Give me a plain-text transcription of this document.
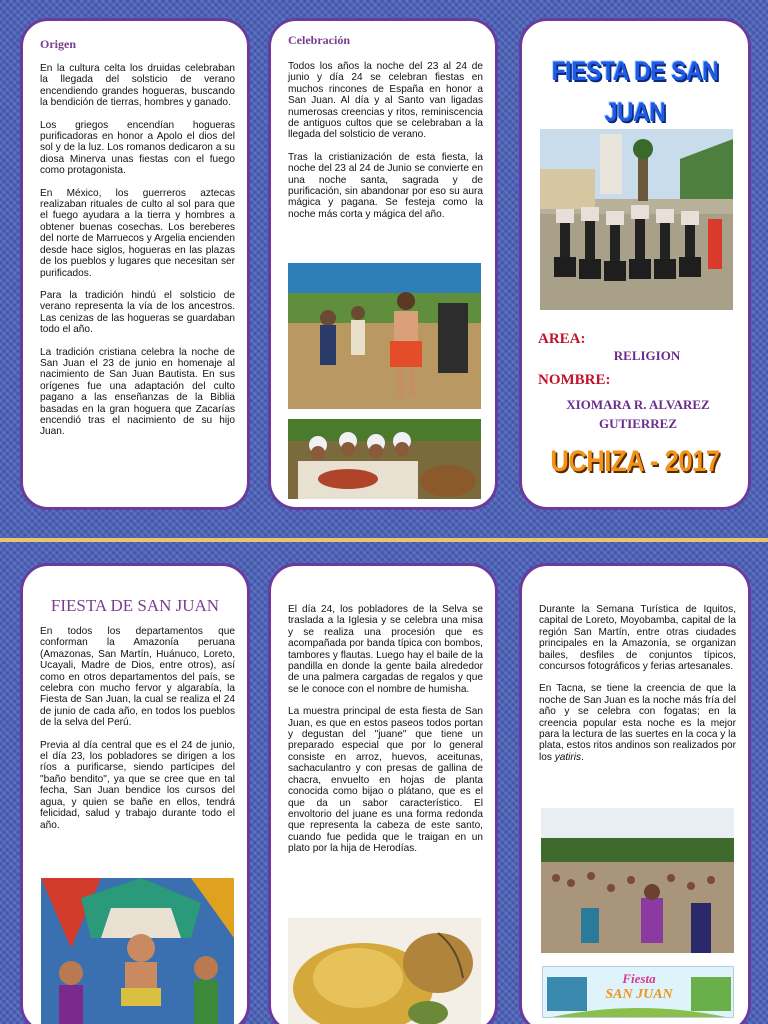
Origen

En la cultura celta los druidas celebraban la llegada del solsticio de verano encendiendo grandes hogueras, buscando la bendición de tierras, hombres y ganado.

Los griegos encendían hogueras purificadoras en honor a Apolo el dios del sol y de la luz. Los romanos dedicaron a su diosa Minerva unas fiestas con el fuego como protagonista.

En México, los guerreros aztecas realizaban rituales de culto al sol para que el fuego ayudara a la tierra y hombres a obtener buenas cosechas. Los bereberes del norte de Marruecos y Argelia encienden desde hace siglos, hogueras en las plazas de los pueblos y lugares que necesitan ser purificados.

Para la tradición hindú el solsticio de verano representa la vía de los ancestros. Las cenizas de las hogueras se guardaban todo el año.

La tradición cristiana celebra la noche de San Juan el 23 de junio en homenaje al nacimiento de San Juan Bautista. En sus orígenes fue una adaptación del culto pagano a las enseñanzas de la Biblia basadas en la gran hoguera que Zacarías encendió tras el nacimiento de su hijo Juan.

Celebración

Todos los años la noche del 23 al 24 de junio y día 24 se celebran fiestas en muchos rincones de España en honor a San Juan. Al día y al Santo van ligadas numerosas creencias y ritos, reminiscencia de antiguos cultos que se celebraban a la llegada del solsticio de verano.

Tras la cristianización de esta fiesta, la noche del 23 al 24 de Junio se convierte en una noche santa, sagrada y de purificación, sin abandonar por eso su aura mágica y pagana. Se festeja como la noche más corta y mágica del año.

FIESTA DE SAN
JUAN
AREA:
RELIGION
NOMBRE:
XIOMARA R. ALVAREZ
GUTIERREZ
UCHIZA - 2017
FIESTA DE SAN JUAN

En todos los departamentos que conforman la Amazonía peruana (Amazonas, San Martín, Huánuco, Loreto, Ucayali, Madre de Dios, entre otros), así como en otros departamentos del país, se celebra con mucho fervor y algarabía, la Fiesta de San Juan, la cual se realiza el 24 de junio de cada año, en todos los pueblos de la selva del Perú.

Previa al día central que es el 24 de junio, el día 23, los pobladores se dirigen a los ríos a purificarse, siendo partícipes del "baño bendito", ya que se cree que en tal fecha, San Juan bendice los cursos del agua, y quien se bañe en ellos, tendrá felicidad, salud y trabajo durante todo el año.

El día 24, los pobladores de la Selva se traslada a la Iglesia y se celebra una misa y se realiza una procesión que es acompañada por banda típica con bombos, tambores y flautas. Luego hay el baile de la pandilla en donde la gente baila alrededor de una palmera cargadas de regalos y que se le conoce con el nombre de humisha.

La muestra principal de esta fiesta de San Juan, es que en estos paseos todos portan y degustan del "juane" que tiene un preparado especial que por lo general consiste en arroz, huevos, aceitunas, sachaculantro y con presas de gallina de chacra, envuelto en hojas de planta conocida como bijao o plátano, que es el que da un sabor característico. El envoltorio del juane es una forma redonda que representa la cabeza de este santo, cuando fue pedida que le traigan en un plato por la hija de Herodías.

Durante la Semana Turística de Iquitos, capital de Loreto, Moyobamba, capital de la región San Martín, entre otras ciudades principales en la Amazonía, se organizan bailes, desfiles de conjuntos típicos, concursos fotográficos y ferias artesanales.

En Tacna, se tiene la creencia de que la noche de San Juan es la noche más fría del año y se celebra con fogatas; en la creencia popular esta noche es la mejor para la lectura de las suertes en la coca y la plata, estos ritos andinos son realizados por los yatiris.

Fiesta
SAN JUAN
